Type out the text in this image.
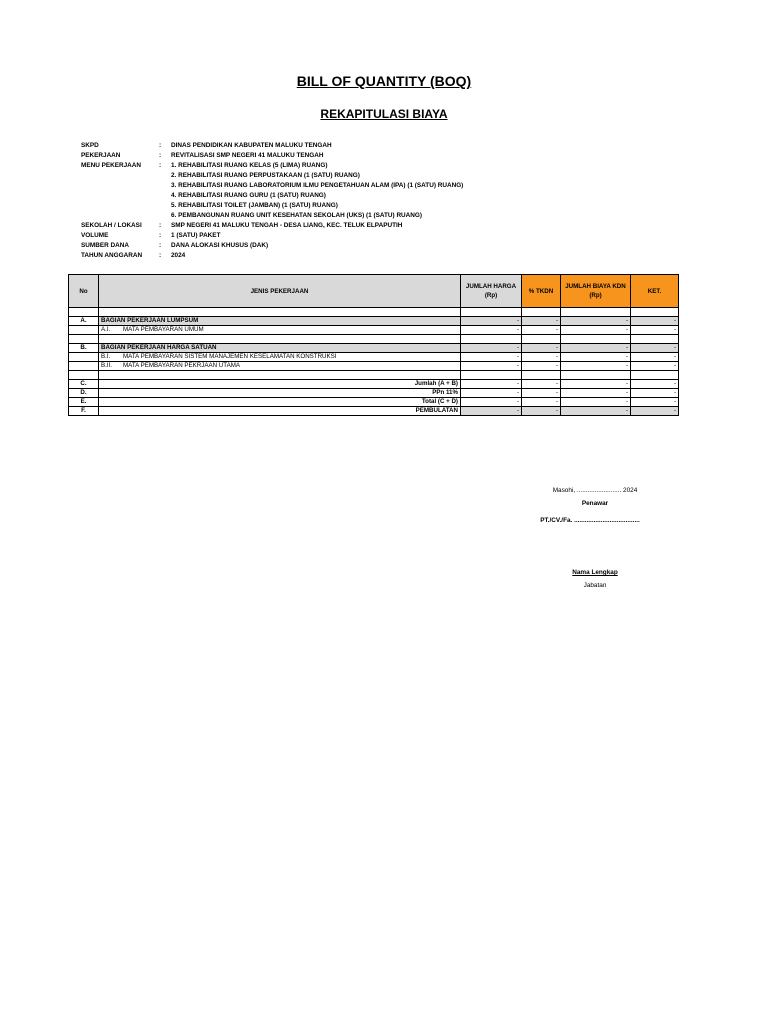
BILL OF QUANTITY (BOQ)
REKAPITULASI BIAYA
SKPD	:	DINAS PENDIDIKAN KABUPATEN MALUKU TENGAH
PEKERJAAN	:	REVITALISASI SMP NEGERI 41 MALUKU TENGAH
MENU PEKERJAAN	:	1. REHABILITASI RUANG KELAS (5 (LIMA) RUANG)
2. REHABILITASI RUANG PERPUSTAKAAN (1 (SATU) RUANG)
3. REHABILITASI RUANG LABORATORIUM ILMU PENGETAHUAN ALAM (IPA) (1 (SATU) RUANG)
4. REHABILITASI RUANG GURU (1 (SATU) RUANG)
5. REHABILITASI TOILET (JAMBAN) (1 (SATU) RUANG)
6. PEMBANGUNAN RUANG UNIT KESEHATAN SEKOLAH (UKS) (1 (SATU) RUANG)
SEKOLAH / LOKASI	:	SMP NEGERI 41 MALUKU TENGAH - DESA LIANG, KEC. TELUK ELPAPUTIH
VOLUME	:	1 (SATU) PAKET
SUMBER DANA	:	DANA ALOKASI KHUSUS (DAK)
TAHUN ANGGARAN	:	2024
No	JENIS PEKERJAAN	JUMLAH HARGA (Rp)	% TKDN	JUMLAH BIAYA KDN (Rp)	KET.

A.	BAGIAN PEKERJAAN LUMPSUM	-	-	-	-
	A.I. MATA PEMBAYARAN UMUM	-	-	-	-

B.	BAGIAN PEKERJAAN HARGA SATUAN	-	-	-	-
	B.I. MATA PEMBAYARAN SISTEM MANAJEMEN KESELAMATAN KONSTRUKSI	-	-	-	-
	B.II. MATA PEMBAYARAN PEKRJAAN UTAMA	-	-	-	-

C.	Jumlah (A + B)	-	-	-	-
D.	PPn 11%	-	-	-	-
E.	Total (C + D)	-	-	-	-
F.	PEMBULATAN	-	-	-	-
Masohi, ......................... 2024
Penawar
PT./CV./Fa. .....................................
Nama Lengkap
Jabatan
